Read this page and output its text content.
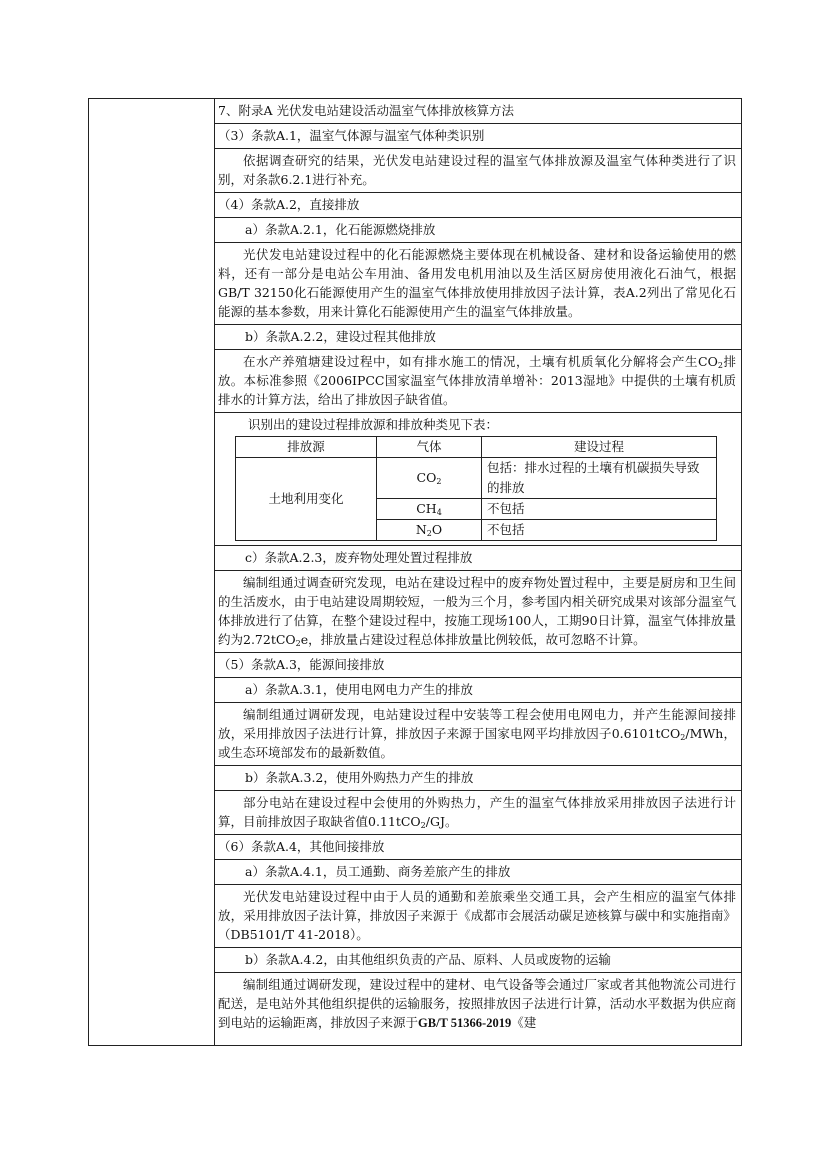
7、附录A 光伏发电站建设活动温室气体排放核算方法
（3）条款A.1，温室气体源与温室气体种类识别
依据调查研究的结果，光伏发电站建设过程的温室气体排放源及温室气体种类进行了识别，对条款6.2.1进行补充。
（4）条款A.2，直接排放
a）条款A.2.1，化石能源燃烧排放
光伏发电站建设过程中的化石能源燃烧主要体现在机械设备、建材和设备运输使用的燃料，还有一部分是电站公车用油、备用发电机用油以及生活区厨房使用液化石油气，根据GB/T 32150化石能源使用产生的温室气体排放使用排放因子法计算，表A.2列出了常见化石能源的基本参数，用来计算化石能源使用产生的温室气体排放量。
b）条款A.2.2，建设过程其他排放
在水产养殖塘建设过程中，如有排水施工的情况，土壤有机质氧化分解将会产生$CO_2$排放。本标准参照《2006IPCC国家温室气体排放清单增补：2013湿地》中提供的土壤有机质排水的计算方法，给出了排放因子缺省值。
识别出的建设过程排放源和排放种类见下表：
排放源	气体	建设过程
土地利用变化	$CO_2$	包括：排水过程的土壤有机碳损失导致的排放
	$CH_4$	不包括
	$N_2O$	不包括
c）条款A.2.3，废弃物处理处置过程排放
编制组通过调查研究发现，电站在建设过程中的废弃物处置过程中，主要是厨房和卫生间的生活废水，由于电站建设周期较短，一般为三个月，参考国内相关研究成果对该部分温室气体排放进行了估算，在整个建设过程中，按施工现场100人，工期90日计算，温室气体排放量约为2.72tCO$_2$e，排放量占建设过程总体排放量比例较低，故可忽略不计算。
（5）条款A.3，能源间接排放
a）条款A.3.1，使用电网电力产生的排放
编制组通过调研发现，电站建设过程中安装等工程会使用电网电力，并产生能源间接排放，采用排放因子法进行计算，排放因子来源于国家电网平均排放因子0.6101tCO$_2$/MWh，或生态环境部发布的最新数值。
b）条款A.3.2，使用外购热力产生的排放
部分电站在建设过程中会使用的外购热力，产生的温室气体排放采用排放因子法进行计算，目前排放因子取缺省值0.11tCO$_2$/GJ。
（6）条款A.4，其他间接排放
a）条款A.4.1，员工通勤、商务差旅产生的排放
光伏发电站建设过程中由于人员的通勤和差旅乘坐交通工具，会产生相应的温室气体排放，采用排放因子法计算，排放因子来源于《成都市会展活动碳足迹核算与碳中和实施指南》（DB5101/T 41-2018）。
b）条款A.4.2，由其他组织负责的产品、原料、人员或废物的运输
编制组通过调研发现，建设过程中的建材、电气设备等会通过厂家或者其他物流公司进行配送，是电站外其他组织提供的运输服务，按照排放因子法进行计算，活动水平数据为供应商到电站的运输距离，排放因子来源于GB/T 51366-2019《建
